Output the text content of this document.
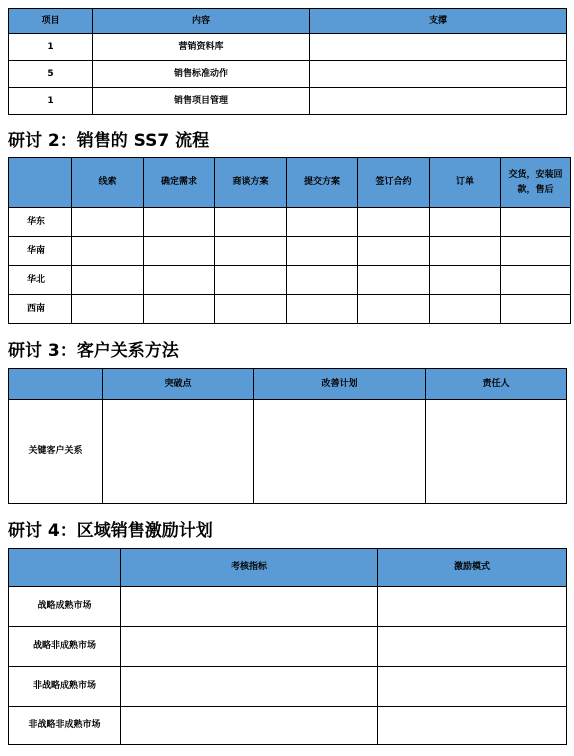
项目	内容	支撑
1	营销资料库	
5	销售标准动作	
1	销售项目管理	
研讨 2：销售的 SS7 流程
	线索	确定需求	商谈方案	提交方案	签订合约	订单	交货，安装回款，售后
华东							
华南							
华北							
西南							
研讨 3：客户关系方法
	突破点	改善计划	责任人
关键客户关系			
研讨 4：区域销售激励计划
	考核指标	激励模式
战略成熟市场		
战略非成熟市场		
非战略成熟市场		
非战略非成熟市场		
